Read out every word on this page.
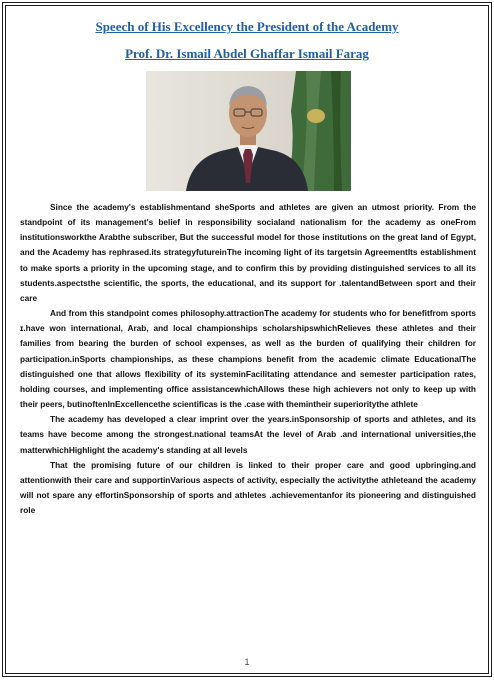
Speech of His Excellency the President of the Academy
Prof. Dr. Ismail Abdel Ghaffar Ismail Farag

Since the academy's establishmentand sheSports and athletes are given an utmost priority. From the standpoint of its management's belief in responsibility socialand nationalism for the academy as oneFrom institutionsworkthe Arabthe subscriber, But the successful model for those institutions on the great land of Egypt, and the Academy has rephrased.its strategyfutureinThe incoming light of its targetsin AgreementIts establishment to make sports a priority in the upcoming stage, and to confirm this by providing distinguished services to all its students.aspectsthe scientific, the sports, the educational, and its support for .talentandBetween sport and their care

And from this standpoint comes philosophy.attractionThe academy for students who for benefitfrom sports ɪ.have won international, Arab, and local championships scholarshipswhichRelieves these athletes and their families from bearing the burden of school expenses, as well as the burden of qualifying their children for participation.inSports championships, as these champions benefit from the academic climate EducationalThe distinguished one that allows flexibility of its systeminFacilitating attendance and semester participation rates, holding courses, and implementing office assistancewhichAllows these high achievers not only to keep up with their peers, butinoftenInExcellencethe scientificas is the .case with themintheir superioritythe athlete

The academy has developed a clear imprint over the years.inSponsorship of sports and athletes, and its teams have become among the strongest.national teamsAt the level of Arab .and international universities,the matterwhichHighlight the academy's standing at all levels

That the promising future of our children is linked to their proper care and good upbringing.and attentionwith their care and supportinVarious aspects of activity, especially the activitythe athleteand the academy will not spare any effortinSponsorship of sports and athletes .achievementanfor its pioneering and distinguished role

1
